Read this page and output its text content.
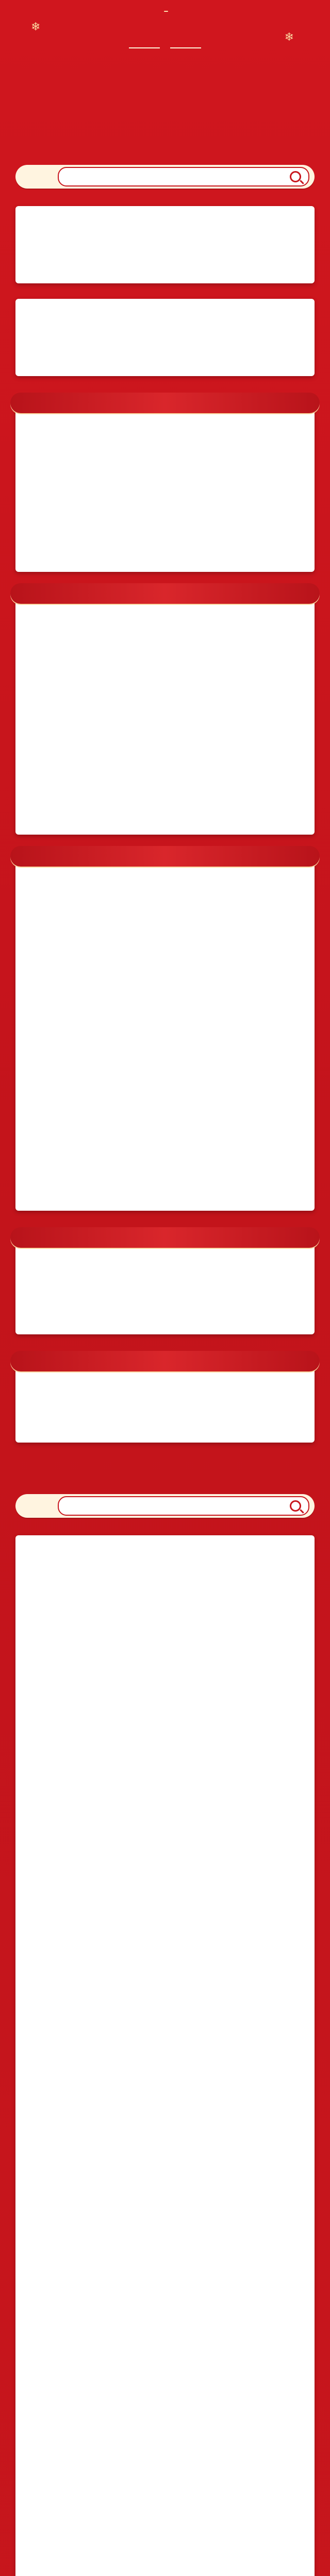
❄
❄
